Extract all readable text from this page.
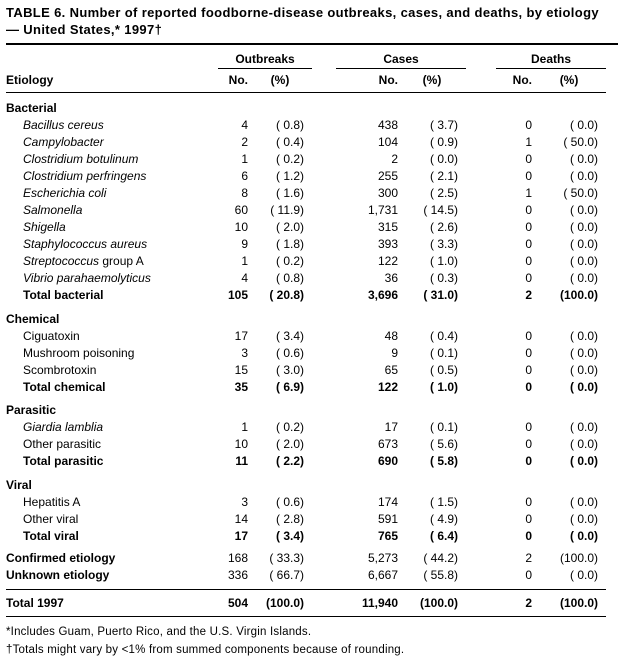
TABLE 6. Number of reported foodborne-disease outbreaks, cases, and deaths, by etiology — United States,* 1997†
	Outbreaks			Cases			Deaths	
Etiology	No.	(%)		No.	(%)		No.	(%)
Bacterial								
Bacillus cereus	4	( 0.8)		438	( 3.7)		0	( 0.0)
Campylobacter	2	( 0.4)		104	( 0.9)		1	( 50.0)
Clostridium botulinum	1	( 0.2)		2	( 0.0)		0	( 0.0)
Clostridium perfringens	6	( 1.2)		255	( 2.1)		0	( 0.0)
Escherichia coli	8	( 1.6)		300	( 2.5)		1	( 50.0)
Salmonella	60	( 11.9)		1,731	( 14.5)		0	( 0.0)
Shigella	10	( 2.0)		315	( 2.6)		0	( 0.0)
Staphylococcus aureus	9	( 1.8)		393	( 3.3)		0	( 0.0)
Streptococcus group A	1	( 0.2)		122	( 1.0)		0	( 0.0)
Vibrio parahaemolyticus	4	( 0.8)		36	( 0.3)		0	( 0.0)
Total bacterial	105	( 20.8)		3,696	( 31.0)		2	(100.0)
Chemical								
Ciguatoxin	17	( 3.4)		48	( 0.4)		0	( 0.0)
Mushroom poisoning	3	( 0.6)		9	( 0.1)		0	( 0.0)
Scombrotoxin	15	( 3.0)		65	( 0.5)		0	( 0.0)
Total chemical	35	( 6.9)		122	( 1.0)		0	( 0.0)
Parasitic								
Giardia lamblia	1	( 0.2)		17	( 0.1)		0	( 0.0)
Other parasitic	10	( 2.0)		673	( 5.6)		0	( 0.0)
Total parasitic	11	( 2.2)		690	( 5.8)		0	( 0.0)
Viral								
Hepatitis A	3	( 0.6)		174	( 1.5)		0	( 0.0)
Other viral	14	( 2.8)		591	( 4.9)		0	( 0.0)
Total viral	17	( 3.4)		765	( 6.4)		0	( 0.0)
Confirmed etiology	168	( 33.3)		5,273	( 44.2)		2	(100.0)
Unknown etiology	336	( 66.7)		6,667	( 55.8)		0	( 0.0)
Total 1997	504	(100.0)		11,940	(100.0)		2	(100.0)
*Includes Guam, Puerto Rico, and the U.S. Virgin Islands.
†Totals might vary by <1% from summed components because of rounding.
